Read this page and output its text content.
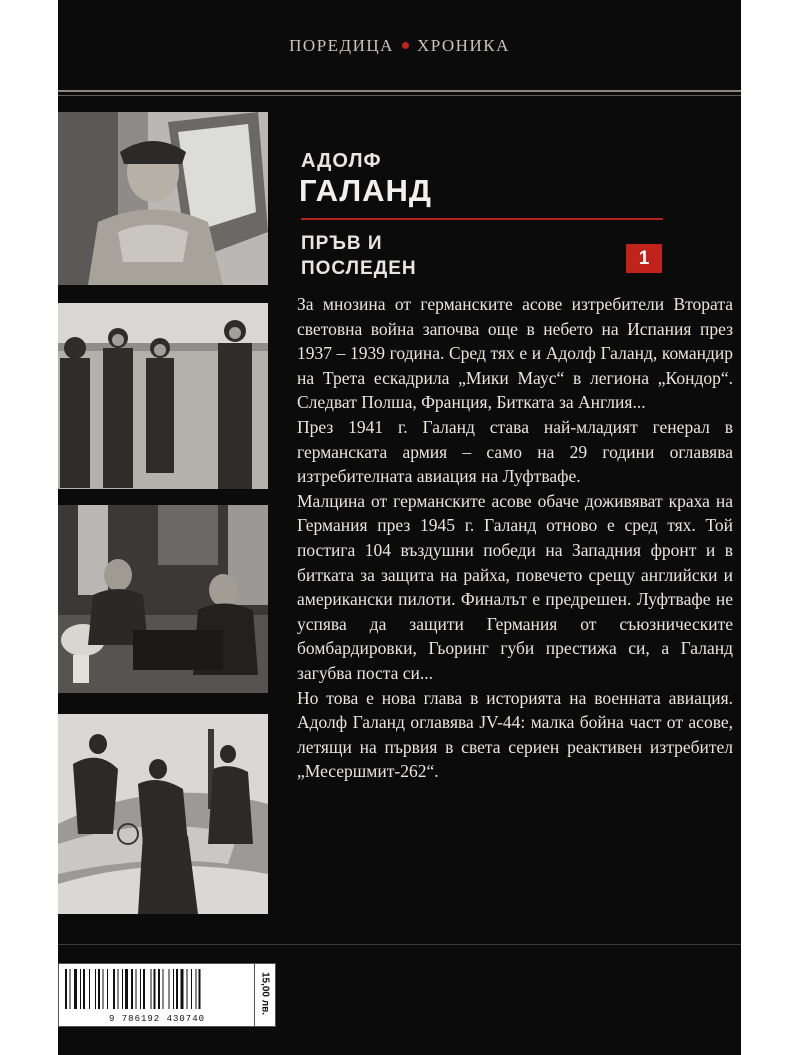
ПОРЕДИЦА ХРОНИКА
АДОЛФ
ГАЛАНД
ПРЪВ И
ПОСЛЕДЕН	1

За мнозина от германските асове изтребители Втората световна война започва още в небето на Испания през 1937 – 1939 година. Сред тях е и Адолф Галанд, командир на Трета ескадрила „Мики Маус“ в легиона „Кондор“. Следват Полша, Франция, Битката за Англия...

През 1941 г. Галанд става най-младият генерал в германската армия – само на 29 години оглавява изтребителната авиация на Луфтвафе.

Малцина от германските асове обаче доживяват краха на Германия през 1945 г. Галанд отново е сред тях. Той постига 104 въздушни победи на Западния фронт и в битката за защита на райха, повечето срещу английски и американски пилоти. Финалът е предрешен. Луфтвафе не успява да защити Германия от съюзническите бомбардировки, Гьоринг губи престижа си, а Галанд загубва поста си...

Но това е нова глава в историята на военната авиация. Адолф Галанд оглавява JV-44: малка бойна част от асове, летящи на първия в света сериен реактивен изтребител „Месершмит-262“.

9 786192 430740
15,00 лв.
